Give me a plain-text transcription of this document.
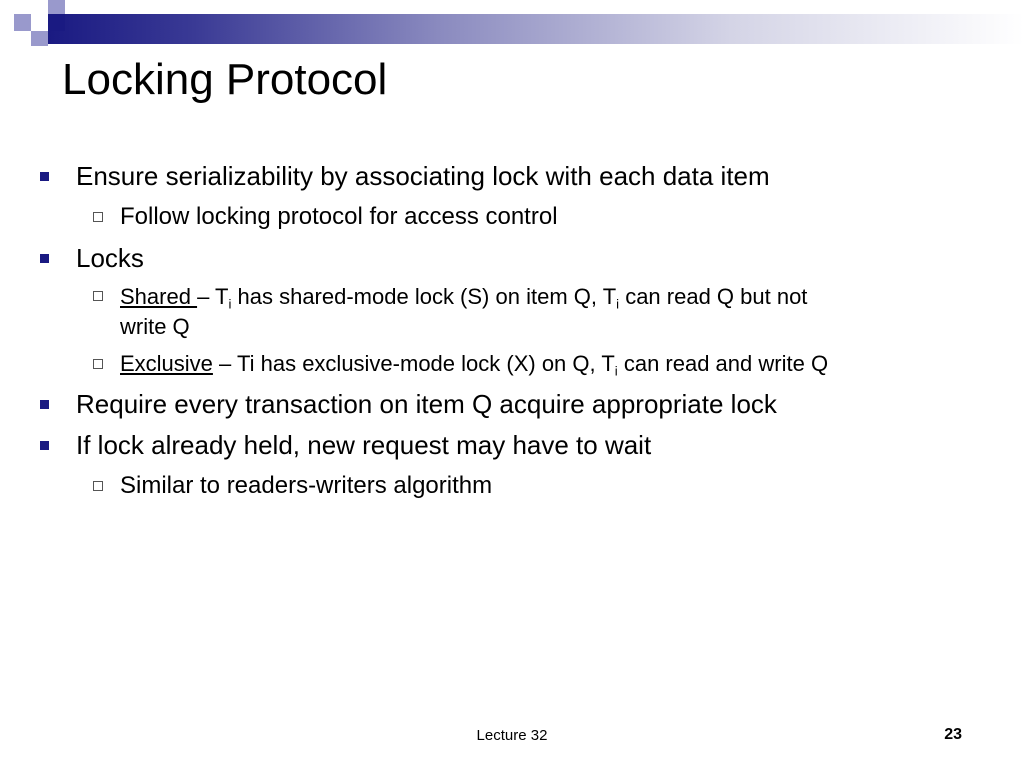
Locking Protocol
Ensure serializability by associating lock with each data item
Follow locking protocol for access control
Locks
Shared – $T_i$ has shared-mode lock (S) on item Q, $T_i$ can read Q but not
write Q
Exclusive – Ti has exclusive-mode lock (X) on Q, $T_i$ can read and write Q
Require every transaction on item Q acquire appropriate lock
If lock already held, new request may have to wait
Similar to readers-writers algorithm
Lecture 32	23
